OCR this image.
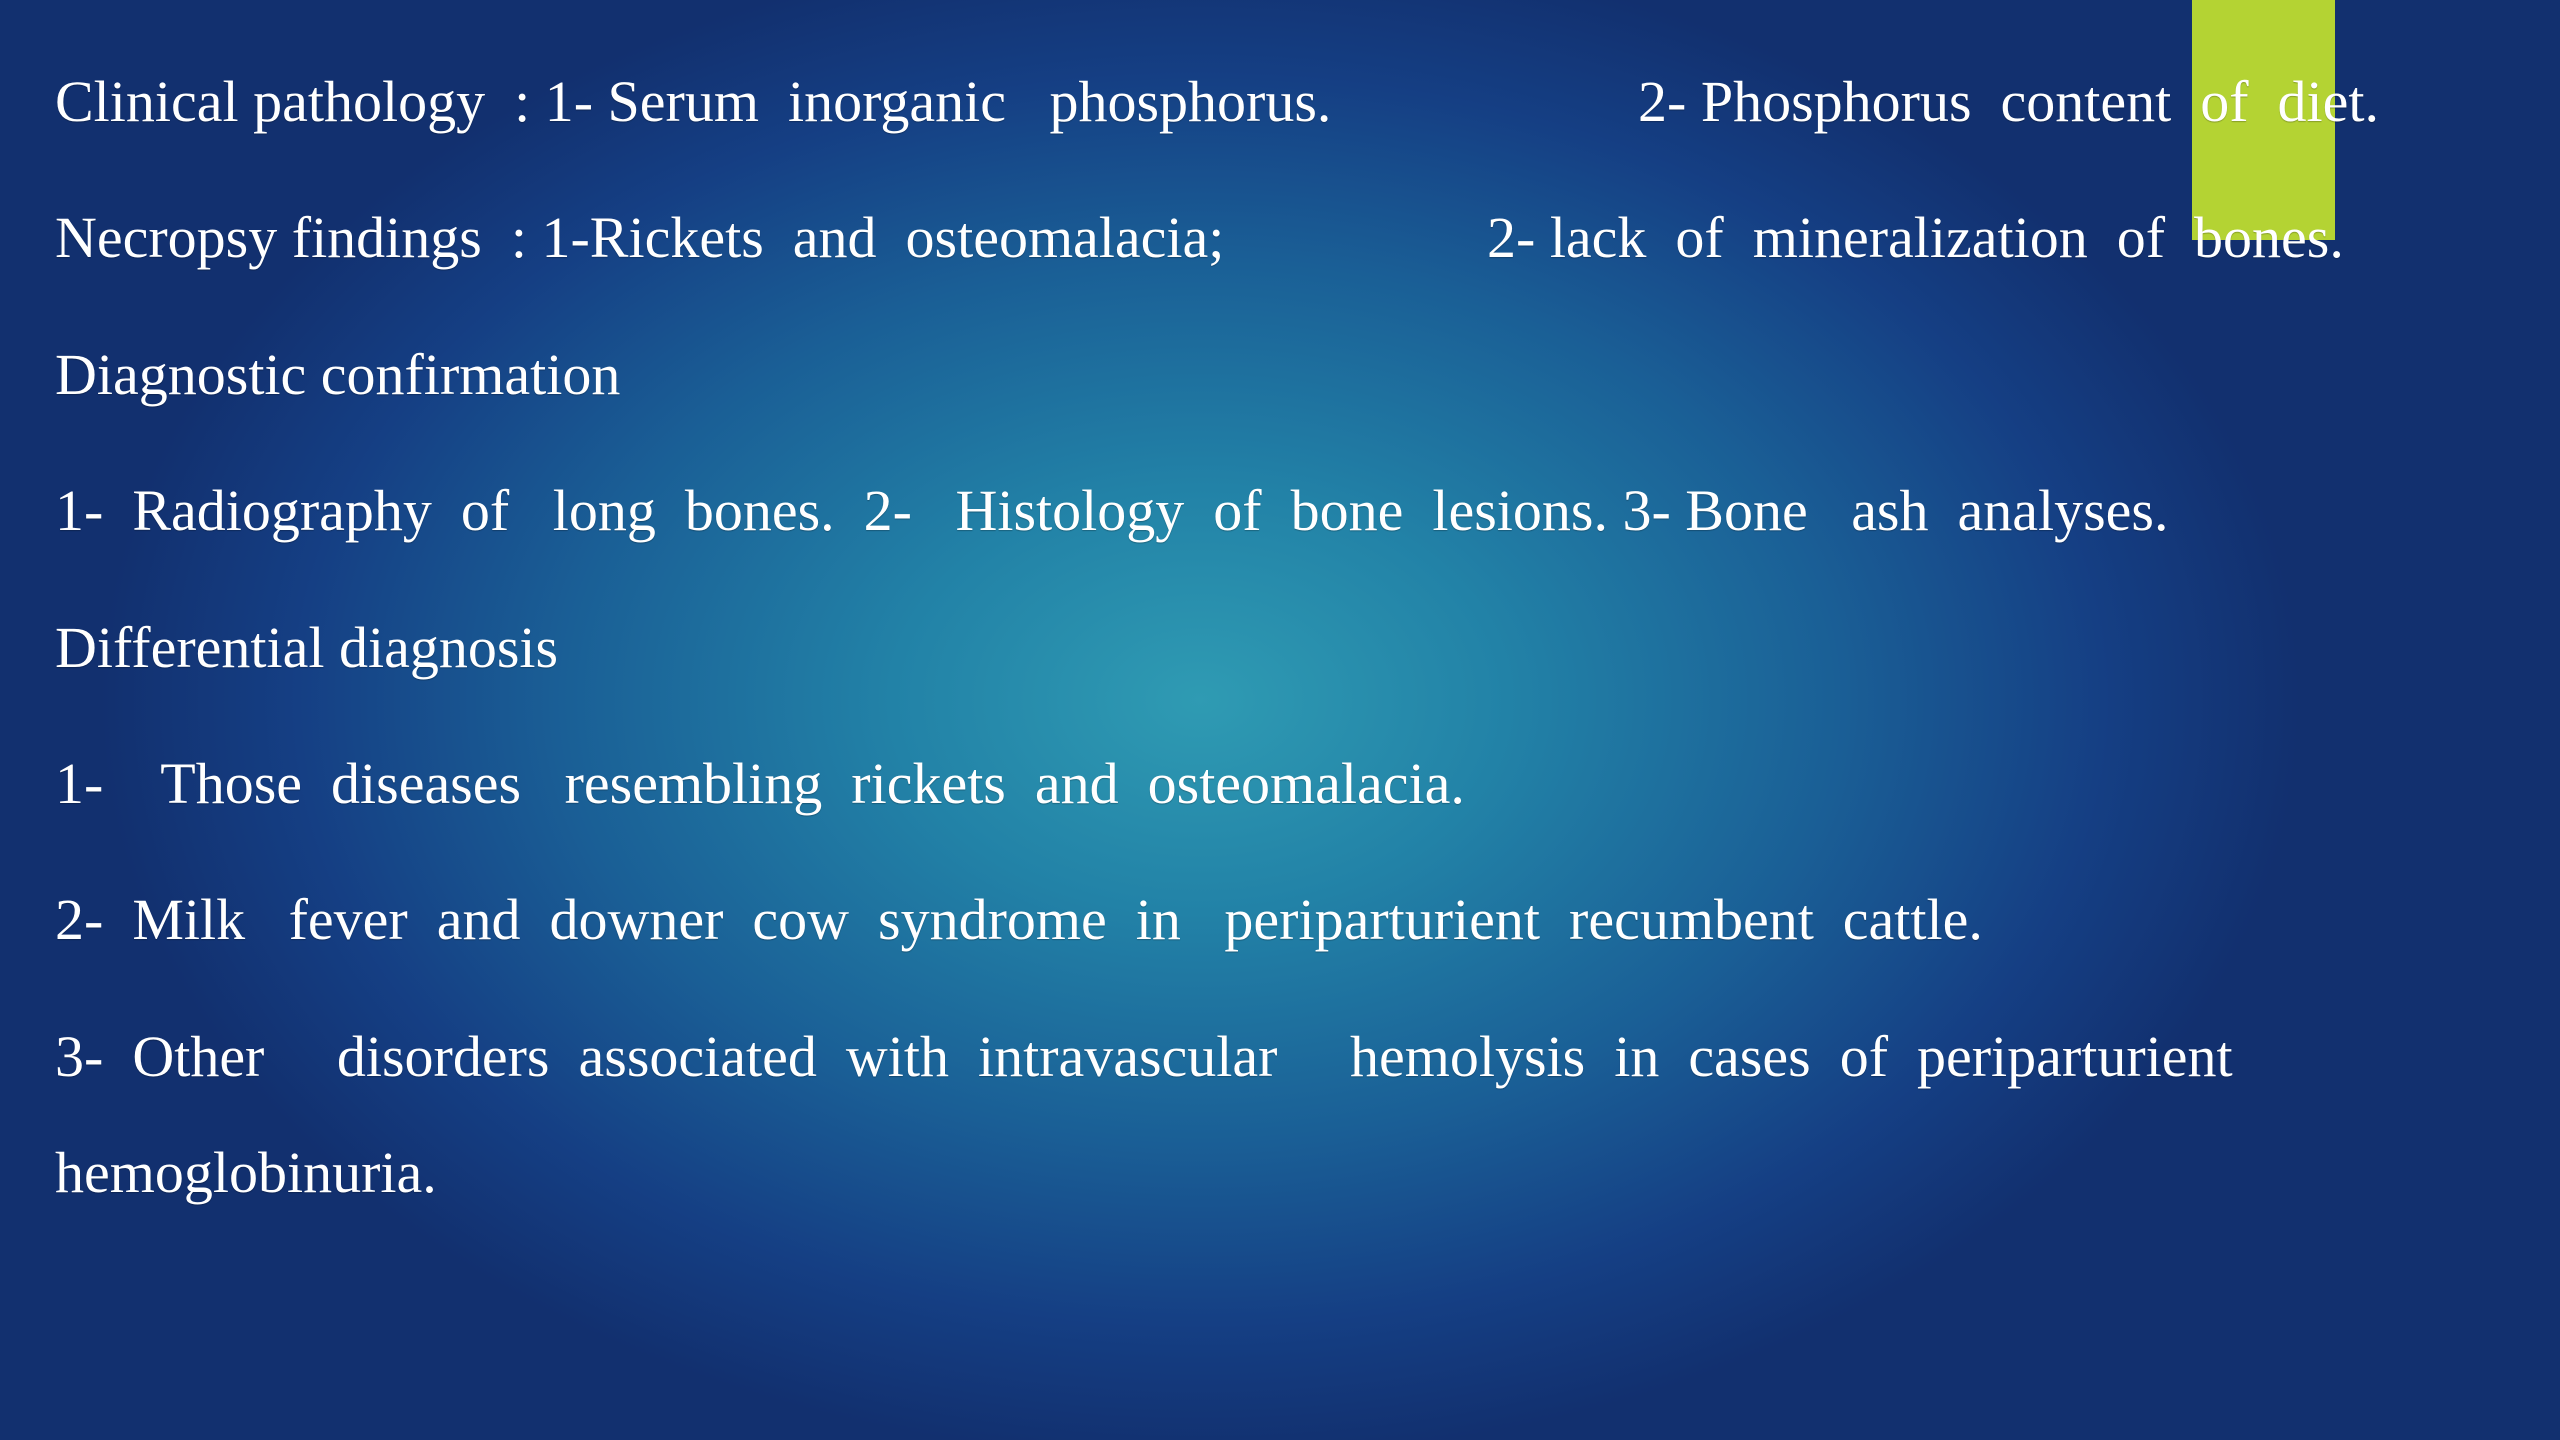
Clinical pathology  : 1- Serum  inorganic   phosphorus.

	2- Phosphorus  content  of  diet.

Necropsy findings  : 1-Rickets  and  osteomalacia;

	2- lack  of  mineralization  of  bones.

Diagnostic confirmation
1-  Radiography  of   long  bones.  2-   Histology  of  bone  lesions. 3- Bone   ash  analyses.
Differential diagnosis
1-    Those  diseases   resembling  rickets  and  osteomalacia.
2-  Milk   fever  and  downer  cow  syndrome  in   periparturient  recumbent  cattle.
3-  Other     disorders  associated  with  intravascular     hemolysis  in  cases  of  periparturient
hemoglobinuria.
